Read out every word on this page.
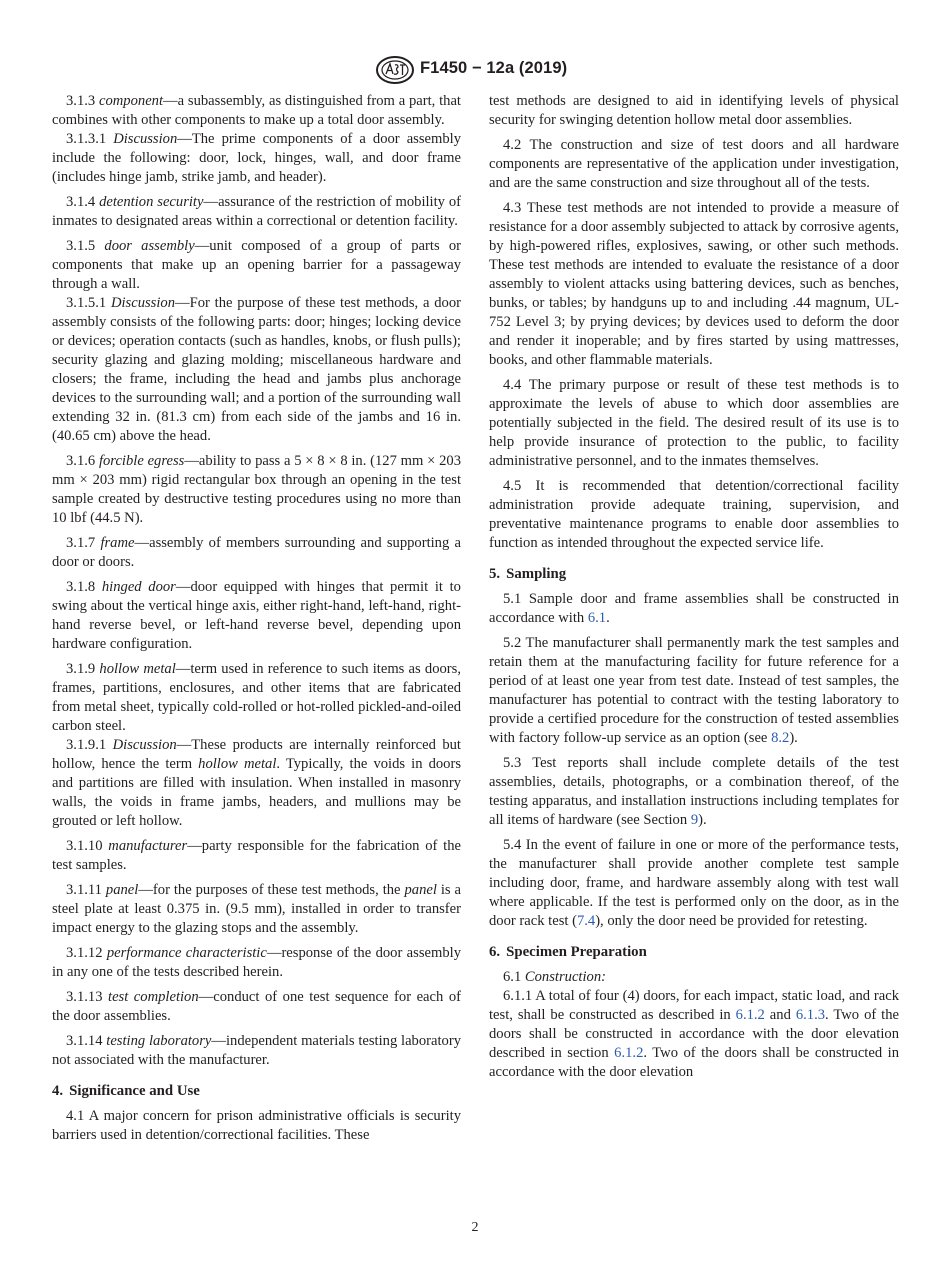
F1450 − 12a (2019)

3.1.3 component—a subassembly, as distinguished from a part, that combines with other components to make up a total door assembly.

3.1.3.1 Discussion—The prime components of a door assembly include the following: door, lock, hinges, wall, and door frame (includes hinge jamb, strike jamb, and header).

3.1.4 detention security—assurance of the restriction of mobility of inmates to designated areas within a correctional or detention facility.

3.1.5 door assembly—unit composed of a group of parts or components that make up an opening barrier for a passageway through a wall.

3.1.5.1 Discussion—For the purpose of these test methods, a door assembly consists of the following parts: door; hinges; locking device or devices; operation contacts (such as handles, knobs, or flush pulls); security glazing and glazing molding; miscellaneous hardware and closers; the frame, including the head and jambs plus anchorage devices to the surrounding wall; and a portion of the surrounding wall extending 32 in. (81.3 cm) from each side of the jambs and 16 in. (40.65 cm) above the head.

3.1.6 forcible egress—ability to pass a 5 × 8 × 8 in. (127 mm × 203 mm × 203 mm) rigid rectangular box through an opening in the test sample created by destructive testing procedures using no more than 10 lbf (44.5 N).

3.1.7 frame—assembly of members surrounding and supporting a door or doors.

3.1.8 hinged door—door equipped with hinges that permit it to swing about the vertical hinge axis, either right-hand, left-hand, right-hand reverse bevel, or left-hand reverse bevel, depending upon hardware configuration.

3.1.9 hollow metal—term used in reference to such items as doors, frames, partitions, enclosures, and other items that are fabricated from metal sheet, typically cold-rolled or hot-rolled pickled-and-oiled carbon steel.

3.1.9.1 Discussion—These products are internally reinforced but hollow, hence the term hollow metal. Typically, the voids in doors and partitions are filled with insulation. When installed in masonry walls, the voids in frame jambs, headers, and mullions may be grouted or left hollow.

3.1.10 manufacturer—party responsible for the fabrication of the test samples.

3.1.11 panel—for the purposes of these test methods, the panel is a steel plate at least 0.375 in. (9.5 mm), installed in order to transfer impact energy to the glazing stops and the assembly.

3.1.12 performance characteristic—response of the door assembly in any one of the tests described herein.

3.1.13 test completion—conduct of one test sequence for each of the door assemblies.

3.1.14 testing laboratory—independent materials testing laboratory not associated with the manufacturer.

4. Significance and Use

4.1 A major concern for prison administrative officials is security barriers used in detention/correctional facilities. These

test methods are designed to aid in identifying levels of physical security for swinging detention hollow metal door assemblies.

4.2 The construction and size of test doors and all hardware components are representative of the application under investigation, and are the same construction and size throughout all of the tests.

4.3 These test methods are not intended to provide a measure of resistance for a door assembly subjected to attack by corrosive agents, by high-powered rifles, explosives, sawing, or other such methods. These test methods are intended to evaluate the resistance of a door assembly to violent attacks using battering devices, such as benches, bunks, or tables; by handguns up to and including .44 magnum, UL-752 Level 3; by prying devices; by devices used to deform the door and render it inoperable; and by fires started by using mattresses, books, and other flammable materials.

4.4 The primary purpose or result of these test methods is to approximate the levels of abuse to which door assemblies are potentially subjected in the field. The desired result of its use is to help provide insurance of protection to the public, to facility administrative personnel, and to the inmates themselves.

4.5 It is recommended that detention/correctional facility administration provide adequate training, supervision, and preventative maintenance programs to enable door assemblies to function as intended throughout the expected service life.

5. Sampling

5.1 Sample door and frame assemblies shall be constructed in accordance with 6.1.

5.2 The manufacturer shall permanently mark the test samples and retain them at the manufacturing facility for future reference for a period of at least one year from test date. Instead of test samples, the manufacturer has potential to contract with the testing laboratory to provide a certified procedure for the construction of tested assemblies with factory follow-up service as an option (see 8.2).

5.3 Test reports shall include complete details of the test assemblies, details, photographs, or a combination thereof, of the testing apparatus, and installation instructions including templates for all items of hardware (see Section 9).

5.4 In the event of failure in one or more of the performance tests, the manufacturer shall provide another complete test sample including door, frame, and hardware assembly along with test wall where applicable. If the test is performed only on the door, as in the door rack test (7.4), only the door need be provided for retesting.

6. Specimen Preparation

6.1 Construction:

6.1.1 A total of four (4) doors, for each impact, static load, and rack test, shall be constructed as described in 6.1.2 and 6.1.3. Two of the doors shall be constructed in accordance with the door elevation described in section 6.1.2. Two of the doors shall be constructed in accordance with the door elevation

2
